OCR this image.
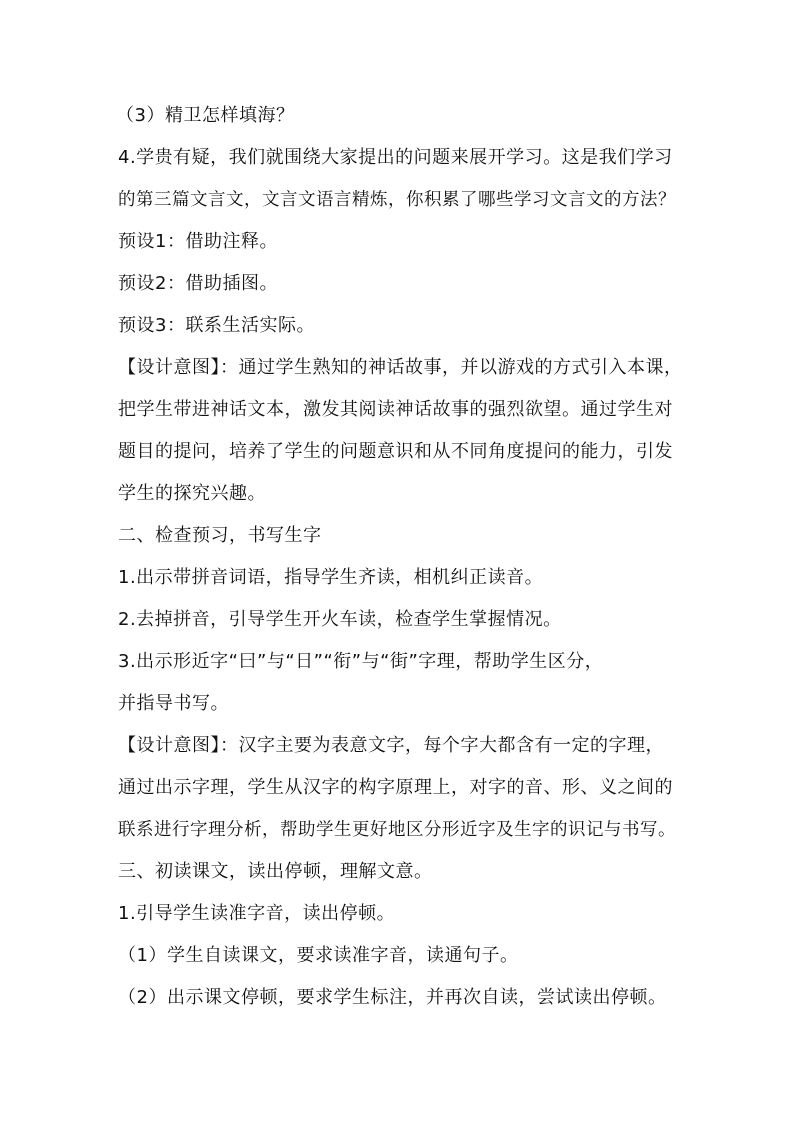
（3）精卫怎样填海？
4.学贵有疑，我们就围绕大家提出的问题来展开学习。这是我们学习
的第三篇文言文，文言文语言精炼，你积累了哪些学习文言文的方法？
预设1：借助注释。
预设2：借助插图。
预设3：联系生活实际。
【设计意图】：通过学生熟知的神话故事，并以游戏的方式引入本课，
把学生带进神话文本，激发其阅读神话故事的强烈欲望。通过学生对
题目的提问，培养了学生的问题意识和从不同角度提问的能力，引发
学生的探究兴趣。
二、检查预习，书写生字
1.出示带拼音词语，指导学生齐读，相机纠正读音。
2.去掉拼音，引导学生开火车读，检查学生掌握情况。
3.出示形近字“曰”与“日”“衔”与“街”字理，帮助学生区分，
并指导书写。
【设计意图】：汉字主要为表意文字，每个字大都含有一定的字理，
通过出示字理，学生从汉字的构字原理上，对字的音、形、义之间的
联系进行字理分析，帮助学生更好地区分形近字及生字的识记与书写。
三、初读课文，读出停顿，理解文意。
1.引导学生读准字音，读出停顿。
（1）学生自读课文，要求读准字音，读通句子。
（2）出示课文停顿，要求学生标注，并再次自读，尝试读出停顿。
